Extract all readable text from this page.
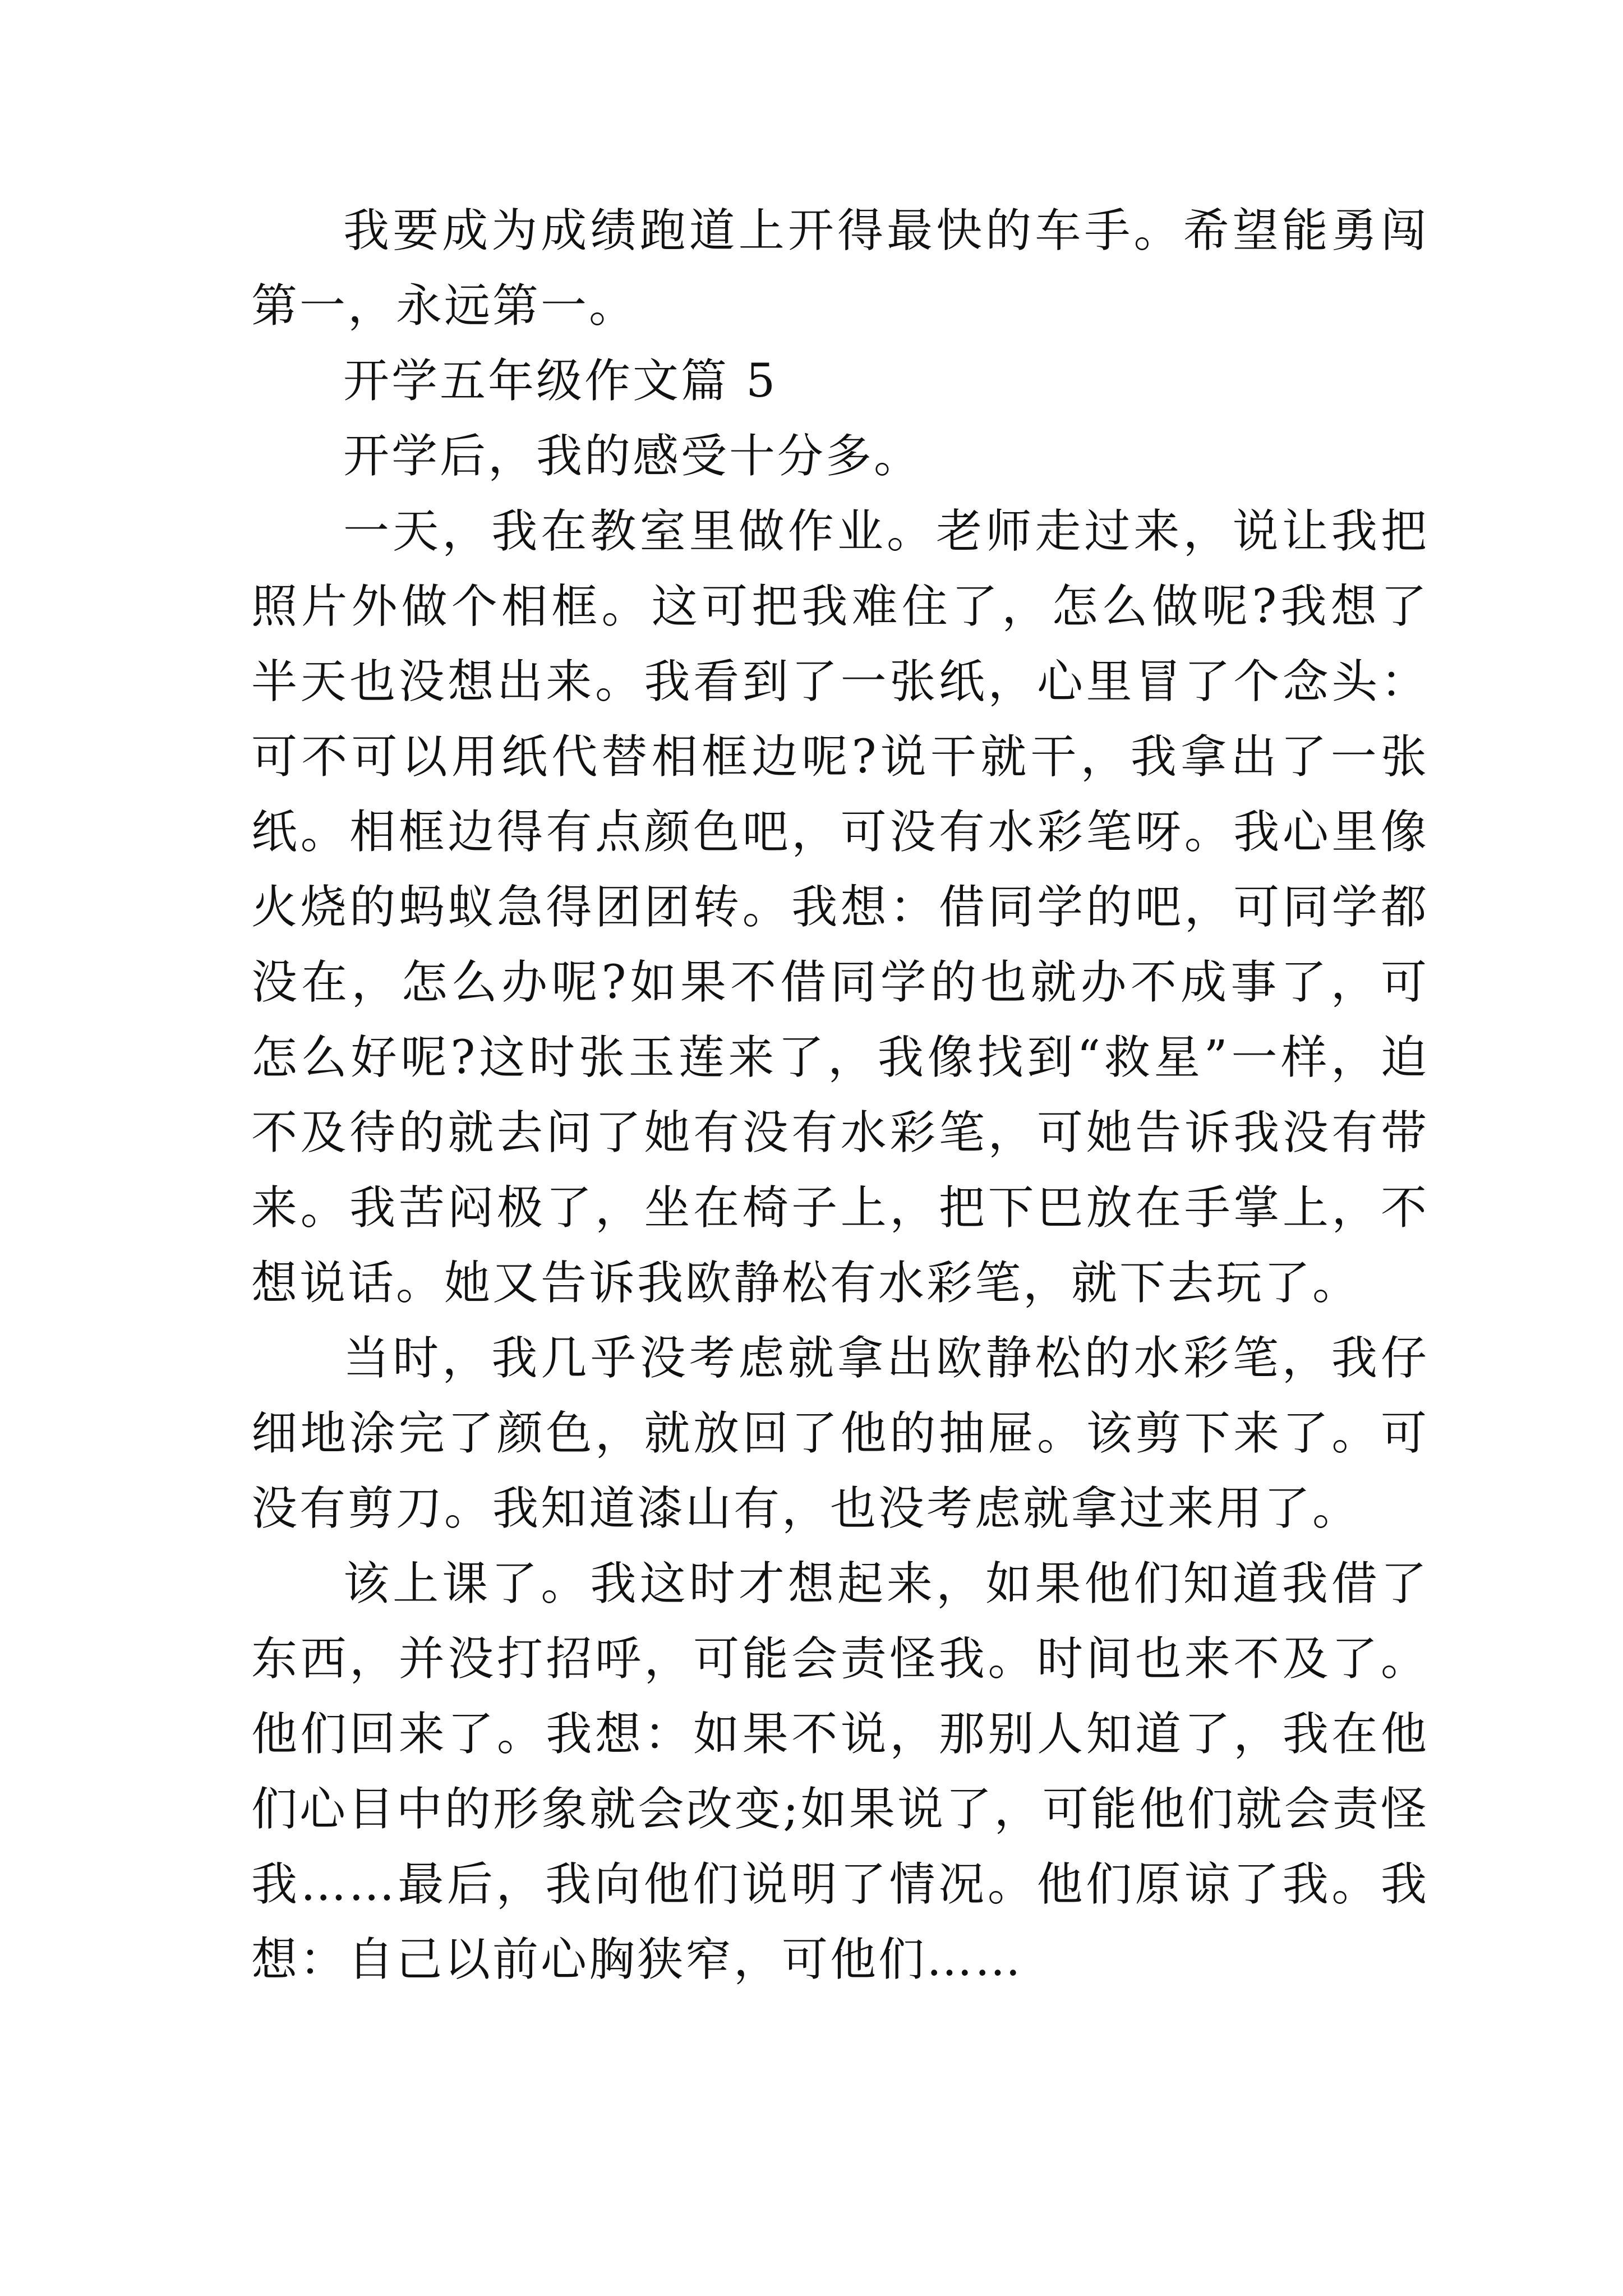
我要成为成绩跑道上开得最快的车手。希望能勇闯第一，永远第一。

开学五年级作文篇 5

开学后，我的感受十分多。

一天，我在教室里做作业。老师走过来，说让我把照片外做个相框。这可把我难住了，怎么做呢?我想了半天也没想出来。我看到了一张纸，心里冒了个念头：可不可以用纸代替相框边呢?说干就干，我拿出了一张纸。相框边得有点颜色吧，可没有水彩笔呀。我心里像火烧的蚂蚁急得团团转。我想：借同学的吧，可同学都没在，怎么办呢?如果不借同学的也就办不成事了，可怎么好呢?这时张玉莲来了，我像找到“救星”一样，迫不及待的就去问了她有没有水彩笔，可她告诉我没有带来。我苦闷极了，坐在椅子上，把下巴放在手掌上，不想说话。她又告诉我欧静松有水彩笔，就下去玩了。

当时，我几乎没考虑就拿出欧静松的水彩笔，我仔细地涂完了颜色，就放回了他的抽屉。该剪下来了。可没有剪刀。我知道漆山有，也没考虑就拿过来用了。

该上课了。我这时才想起来，如果他们知道我借了东西，并没打招呼，可能会责怪我。时间也来不及了。他们回来了。我想：如果不说，那别人知道了，我在他们心目中的形象就会改变;如果说了，可能他们就会责怪我……最后，我向他们说明了情况。他们原谅了我。我想：自己以前心胸狭窄，可他们……
